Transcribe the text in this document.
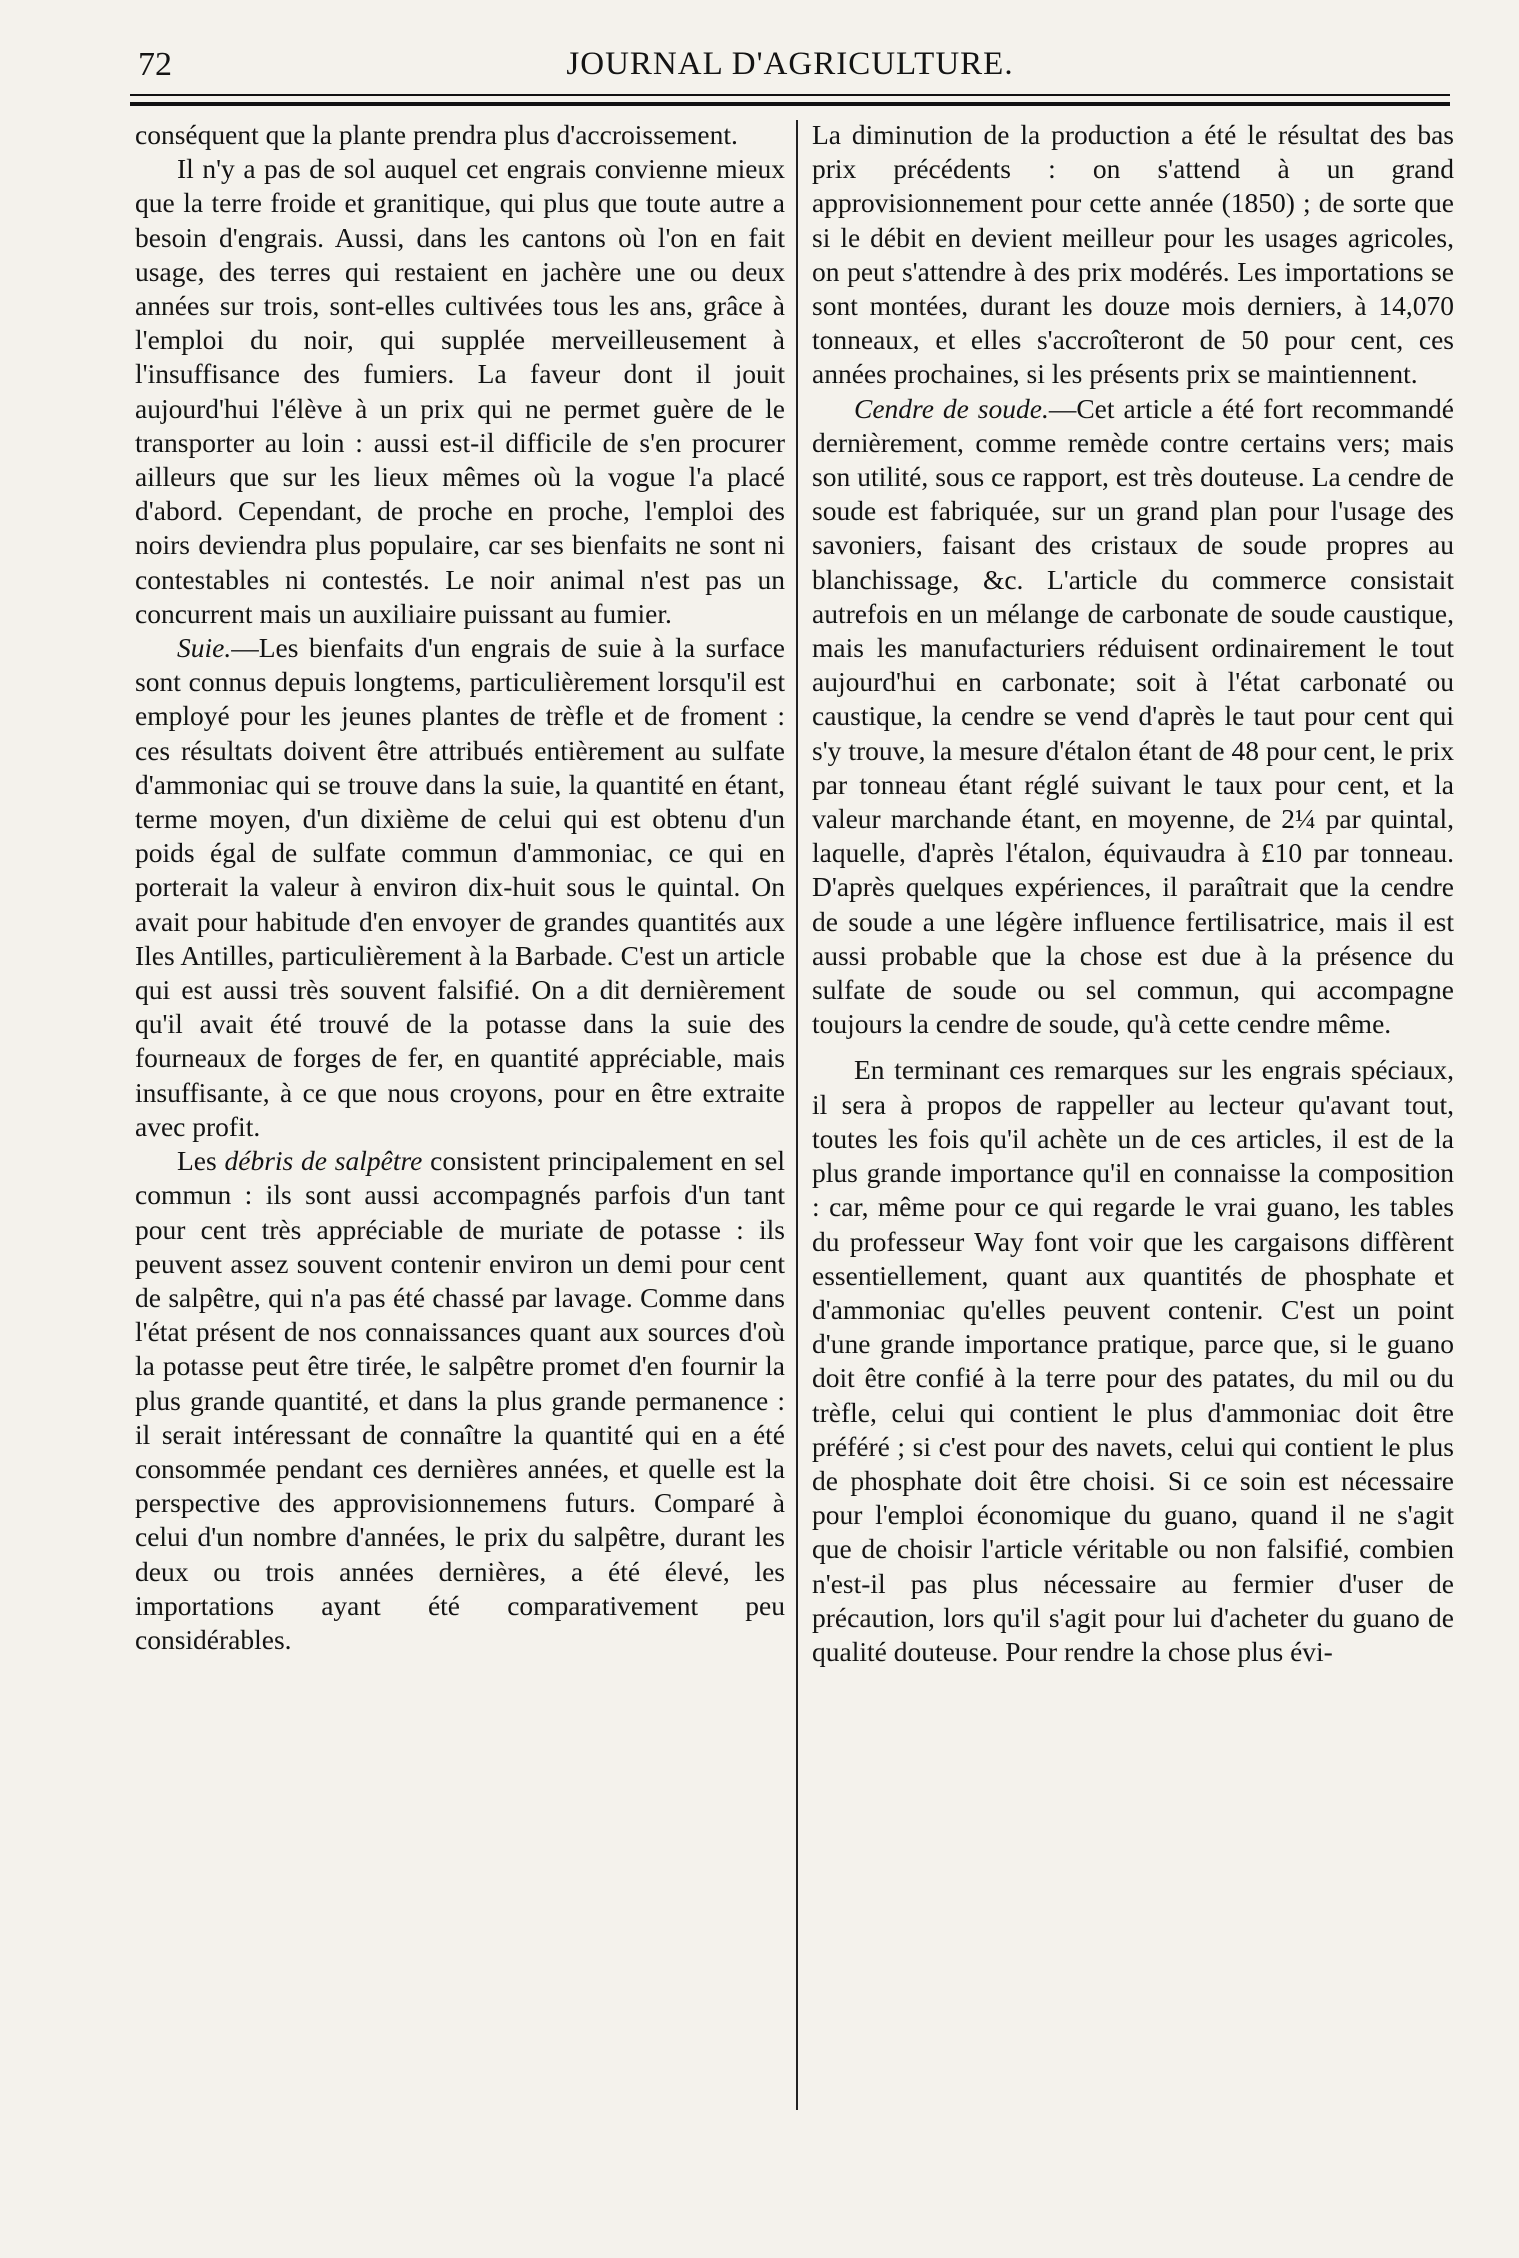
72	JOURNAL D'AGRICULTURE.

conséquent que la plante prendra plus d'accroissement.

Il n'y a pas de sol auquel cet engrais convienne mieux que la terre froide et granitique, qui plus que toute autre a besoin d'engrais. Aussi, dans les cantons où l'on en fait usage, des terres qui restaient en jachère une ou deux années sur trois, sont-elles cultivées tous les ans, grâce à l'emploi du noir, qui supplée merveilleusement à l'insuffisance des fumiers. La faveur dont il jouit aujourd'hui l'élève à un prix qui ne permet guère de le transporter au loin : aussi est-il difficile de s'en procurer ailleurs que sur les lieux mêmes où la vogue l'a placé d'abord. Cependant, de proche en proche, l'emploi des noirs deviendra plus populaire, car ses bienfaits ne sont ni contestables ni contestés. Le noir animal n'est pas un concurrent mais un auxiliaire puissant au fumier.

Suie.—Les bienfaits d'un engrais de suie à la surface sont connus depuis longtems, particulièrement lorsqu'il est employé pour les jeunes plantes de trèfle et de froment : ces résultats doivent être attribués entièrement au sulfate d'ammoniac qui se trouve dans la suie, la quantité en étant, terme moyen, d'un dixième de celui qui est obtenu d'un poids égal de sulfate commun d'ammoniac, ce qui en porterait la valeur à environ dix-huit sous le quintal. On avait pour habitude d'en envoyer de grandes quantités aux Iles Antilles, particulièrement à la Barbade. C'est un article qui est aussi très souvent falsifié. On a dit dernièrement qu'il avait été trouvé de la potasse dans la suie des fourneaux de forges de fer, en quantité appréciable, mais insuffisante, à ce que nous croyons, pour en être extraite avec profit.

Les débris de salpêtre consistent principalement en sel commun : ils sont aussi accompagnés parfois d'un tant pour cent très appréciable de muriate de potasse : ils peuvent assez souvent contenir environ un demi pour cent de salpêtre, qui n'a pas été chassé par lavage. Comme dans l'état présent de nos connaissances quant aux sources d'où la potasse peut être tirée, le salpêtre promet d'en fournir la plus grande quantité, et dans la plus grande permanence : il serait intéressant de connaître la quantité qui en a été consommée pendant ces dernières années, et quelle est la perspective des approvisionnemens futurs. Comparé à celui d'un nombre d'années, le prix du salpêtre, durant les deux ou trois années dernières, a été élevé, les importations ayant été comparativement peu considérables.

La diminution de la production a été le résultat des bas prix précédents : on s'attend à un grand approvisionnement pour cette année (1850) ; de sorte que si le débit en devient meilleur pour les usages agricoles, on peut s'attendre à des prix modérés. Les importations se sont montées, durant les douze mois derniers, à 14,070 tonneaux, et elles s'accroîteront de 50 pour cent, ces années prochaines, si les présents prix se maintiennent.

Cendre de soude.—Cet article a été fort recommandé dernièrement, comme remède contre certains vers; mais son utilité, sous ce rapport, est très douteuse. La cendre de soude est fabriquée, sur un grand plan pour l'usage des savoniers, faisant des cristaux de soude propres au blanchissage, &c. L'article du commerce consistait autrefois en un mélange de carbonate de soude caustique, mais les manufacturiers réduisent ordinairement le tout aujourd'hui en carbonate; soit à l'état carbonaté ou caustique, la cendre se vend d'après le taut pour cent qui s'y trouve, la mesure d'étalon étant de 48 pour cent, le prix par tonneau étant réglé suivant le taux pour cent, et la valeur marchande étant, en moyenne, de 2¼ par quintal, laquelle, d'après l'étalon, équivaudra à £10 par tonneau. D'après quelques expériences, il paraîtrait que la cendre de soude a une légère influence fertilisatrice, mais il est aussi probable que la chose est due à la présence du sulfate de soude ou sel commun, qui accompagne toujours la cendre de soude, qu'à cette cendre même.

En terminant ces remarques sur les engrais spéciaux, il sera à propos de rappeller au lecteur qu'avant tout, toutes les fois qu'il achète un de ces articles, il est de la plus grande importance qu'il en connaisse la composition : car, même pour ce qui regarde le vrai guano, les tables du professeur Way font voir que les cargaisons diffèrent essentiellement, quant aux quantités de phosphate et d'ammoniac qu'elles peuvent contenir. C'est un point d'une grande importance pratique, parce que, si le guano doit être confié à la terre pour des patates, du mil ou du trèfle, celui qui contient le plus d'ammoniac doit être préféré ; si c'est pour des navets, celui qui contient le plus de phosphate doit être choisi. Si ce soin est nécessaire pour l'emploi économique du guano, quand il ne s'agit que de choisir l'article véritable ou non falsifié, combien n'est-il pas plus nécessaire au fermier d'user de précaution, lors qu'il s'agit pour lui d'acheter du guano de qualité douteuse. Pour rendre la chose plus évi-
